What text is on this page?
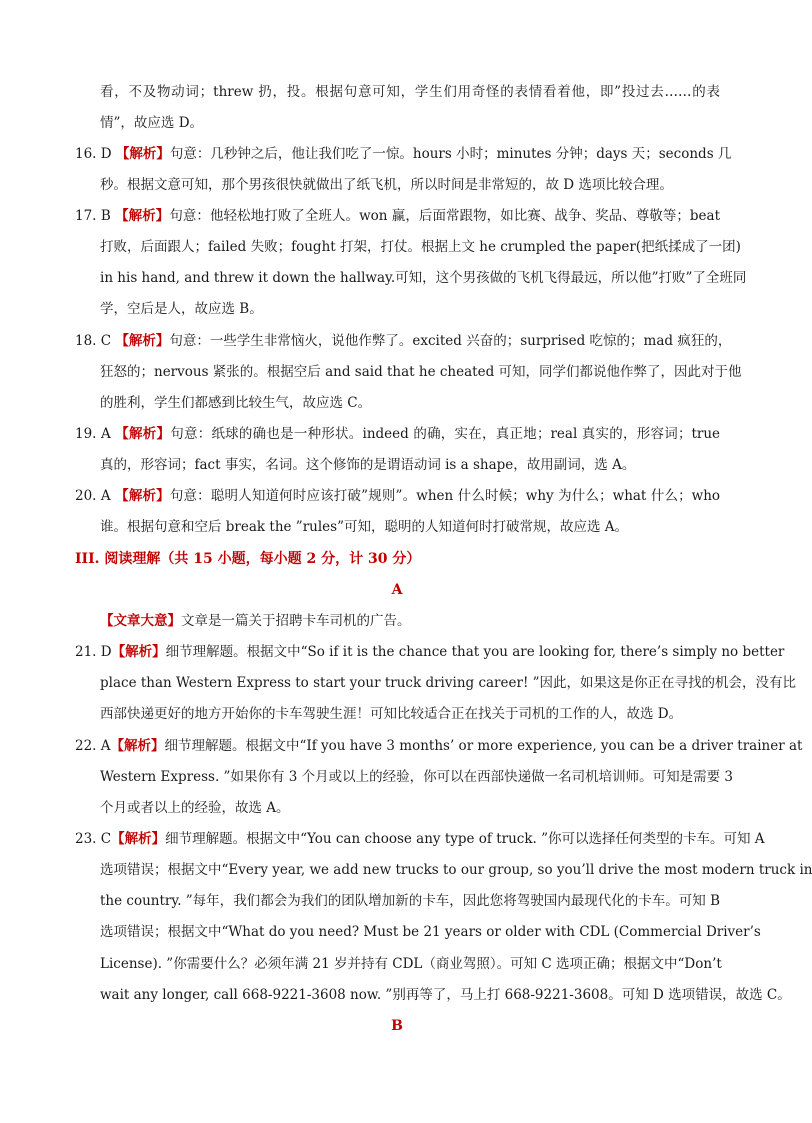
看，不及物动词；threw 扔，投。根据句意可知，学生们用奇怪的表情看着他，即”投过去……的表
情”，故应选 D。
16. D 【解析】句意：几秒钟之后，他让我们吃了一惊。hours 小时；minutes 分钟；days 天；seconds 几
秒。根据文意可知，那个男孩很快就做出了纸飞机，所以时间是非常短的，故 D 选项比较合理。
17. B 【解析】句意：他轻松地打败了全班人。won 赢，后面常跟物，如比赛、战争、奖品、尊敬等；beat
打败，后面跟人；failed 失败；fought 打架，打仗。根据上文 he crumpled the paper(把纸揉成了一团)
in his hand, and threw it down the hallway.可知，这个男孩做的飞机飞得最远，所以他”打败”了全班同
学，空后是人，故应选 B。
18. C 【解析】句意：一些学生非常恼火，说他作弊了。excited 兴奋的；surprised 吃惊的；mad 疯狂的，
狂怒的；nervous 紧张的。根据空后 and said that he cheated 可知，同学们都说他作弊了，因此对于他
的胜利，学生们都感到比较生气，故应选 C。
19. A 【解析】句意：纸球的确也是一种形状。indeed 的确，实在，真正地；real 真实的，形容词；true
真的，形容词；fact 事实，名词。这个修饰的是谓语动词 is a shape，故用副词，选 A。
20. A 【解析】句意：聪明人知道何时应该打破”规则”。when 什么时候；why 为什么；what 什么；who
谁。根据句意和空后 break the ”rules”可知，聪明的人知道何时打破常规，故应选 A。
III. 阅读理解（共 15 小题，每小题 2 分，计 30 分）
A
【文章大意】文章是一篇关于招聘卡车司机的广告。
21. D【解析】细节理解题。根据文中“So if it is the chance that you are looking for, there’s simply no better
place than Western Express to start your truck driving career! ”因此，如果这是你正在寻找的机会，没有比
西部快递更好的地方开始你的卡车驾驶生涯！可知比较适合正在找关于司机的工作的人，故选 D。
22. A【解析】细节理解题。根据文中“If you have 3 months’ or more experience, you can be a driver trainer at
Western Express. ”如果你有 3 个月或以上的经验，你可以在西部快递做一名司机培训师。可知是需要 3
个月或者以上的经验，故选 A。
23. C【解析】细节理解题。根据文中“You can choose any type of truck. ”你可以选择任何类型的卡车。可知 A
选项错误；根据文中“Every year, we add new trucks to our group, so you’ll drive the most modern truck in
the country. ”每年，我们都会为我们的团队增加新的卡车，因此您将驾驶国内最现代化的卡车。可知 B
选项错误；根据文中“What do you need? Must be 21 years or older with CDL (Commercial Driver’s
License). ”你需要什么？必须年满 21 岁并持有 CDL（商业驾照）。可知 C 选项正确；根据文中“Don’t
wait any longer, call 668-9221-3608 now. ”别再等了，马上打 668-9221-3608。可知 D 选项错误，故选 C。
B
